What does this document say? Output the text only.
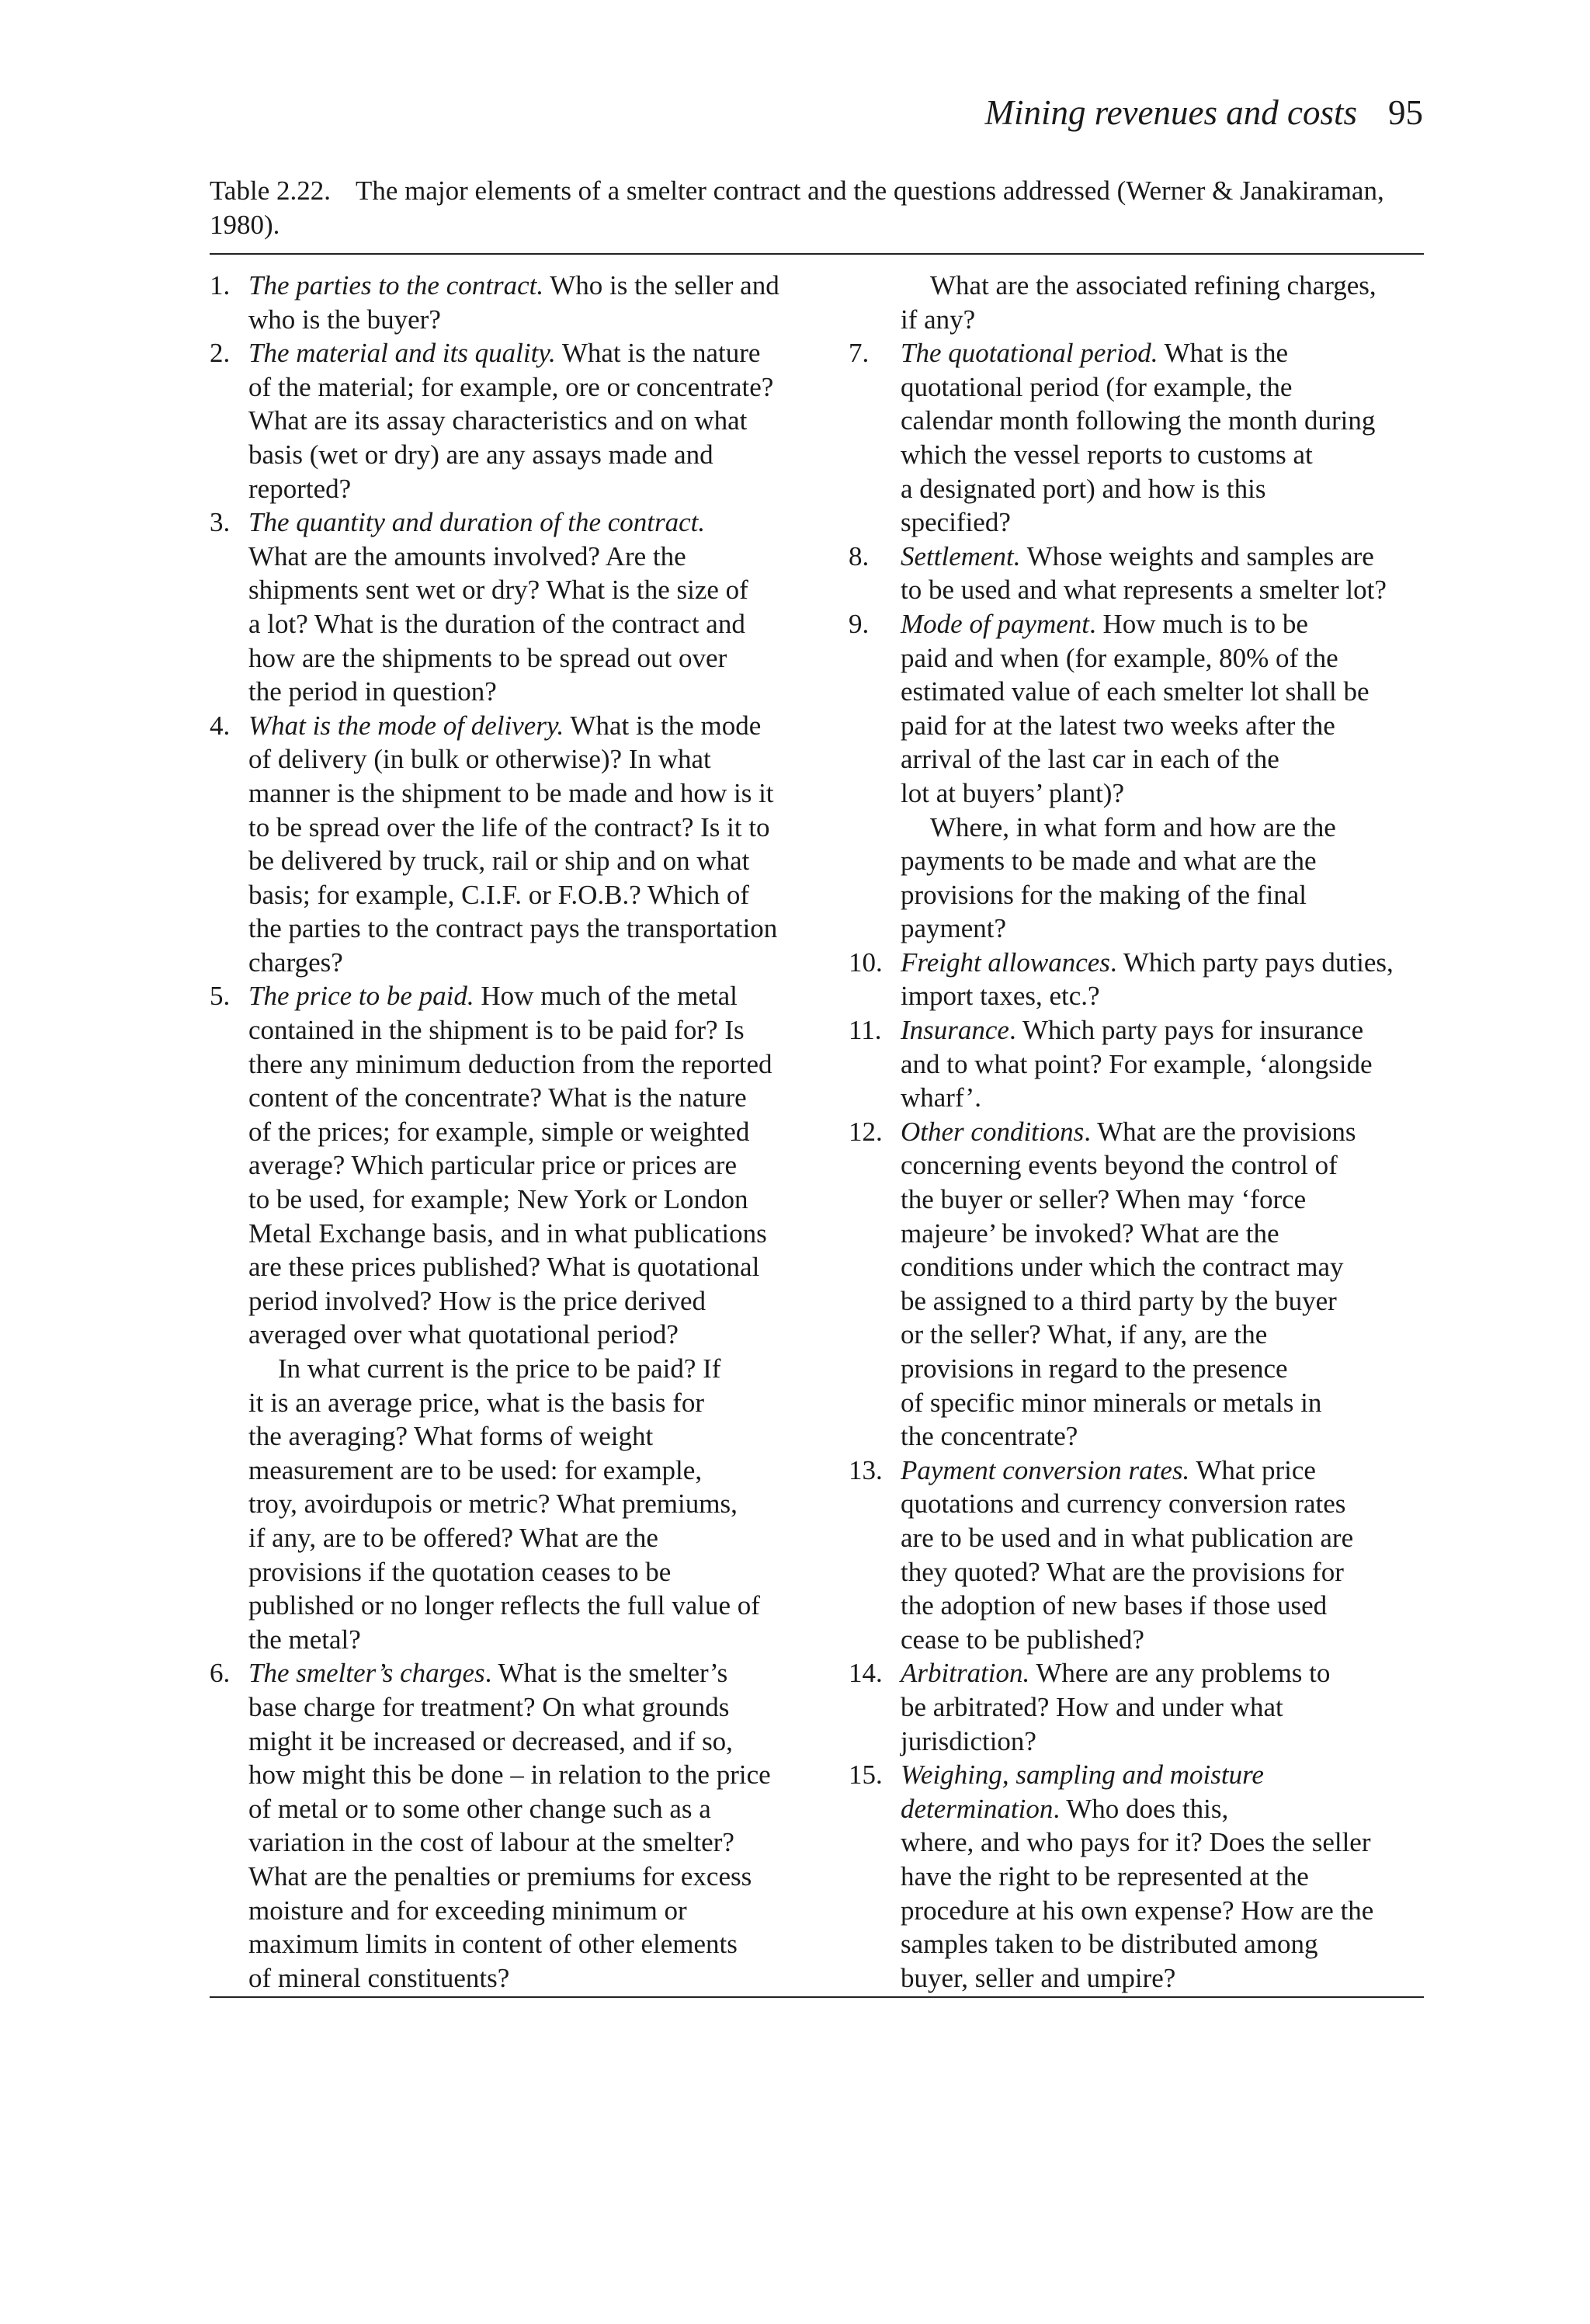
Mining revenues and costs 95
Table 2.22. The major elements of a smelter contract and the questions addressed (Werner & Janakiraman,
1980).
1. The parties to the contract. Who is the seller and
who is the buyer?
2. The material and its quality. What is the nature
of the material; for example, ore or concentrate?
What are its assay characteristics and on what
basis (wet or dry) are any assays made and
reported?
3. The quantity and duration of the contract.
What are the amounts involved? Are the
shipments sent wet or dry? What is the size of
a lot? What is the duration of the contract and
how are the shipments to be spread out over
the period in question?
4. What is the mode of delivery. What is the mode
of delivery (in bulk or otherwise)? In what
manner is the shipment to be made and how is it
to be spread over the life of the contract? Is it to
be delivered by truck, rail or ship and on what
basis; for example, C.I.F. or F.O.B.? Which of
the parties to the contract pays the transportation
charges?
5. The price to be paid. How much of the metal
contained in the shipment is to be paid for? Is
there any minimum deduction from the reported
content of the concentrate? What is the nature
of the prices; for example, simple or weighted
average? Which particular price or prices are
to be used, for example; New York or London
Metal Exchange basis, and in what publications
are these prices published? What is quotational
period involved? How is the price derived
averaged over what quotational period?
In what current is the price to be paid? If
it is an average price, what is the basis for
the averaging? What forms of weight
measurement are to be used: for example,
troy, avoirdupois or metric? What premiums,
if any, are to be offered? What are the
provisions if the quotation ceases to be
published or no longer reflects the full value of
the metal?
6. The smelter’s charges. What is the smelter’s
base charge for treatment? On what grounds
might it be increased or decreased, and if so,
how might this be done – in relation to the price
of metal or to some other change such as a
variation in the cost of labour at the smelter?
What are the penalties or premiums for excess
moisture and for exceeding minimum or
maximum limits in content of other elements
of mineral constituents?
What are the associated refining charges,
if any?
7.	The quotational period. What is the
quotational period (for example, the
calendar month following the month during
which the vessel reports to customs at
a designated port) and how is this
specified?
8.	Settlement. Whose weights and samples are
to be used and what represents a smelter lot?
9.	Mode of payment. How much is to be
paid and when (for example, 80% of the
estimated value of each smelter lot shall be
paid for at the latest two weeks after the
arrival of the last car in each of the
lot at buyers’ plant)?
Where, in what form and how are the
payments to be made and what are the
provisions for the making of the final
payment?
10. Freight allowances. Which party pays duties,
import taxes, etc.?
11. Insurance. Which party pays for insurance
and to what point? For example, ‘alongside
wharf’.
12. Other conditions. What are the provisions
concerning events beyond the control of
the buyer or seller? When may ‘force
majeure’ be invoked? What are the
conditions under which the contract may
be assigned to a third party by the buyer
or the seller? What, if any, are the
provisions in regard to the presence
of specific minor minerals or metals in
the concentrate?
13. Payment conversion rates. What price
quotations and currency conversion rates
are to be used and in what publication are
they quoted? What are the provisions for
the adoption of new bases if those used
cease to be published?
14. Arbitration. Where are any problems to
be arbitrated? How and under what
jurisdiction?
15. Weighing, sampling and moisture
determination. Who does this,
where, and who pays for it? Does the seller
have the right to be represented at the
procedure at his own expense? How are the
samples taken to be distributed among
buyer, seller and umpire?
